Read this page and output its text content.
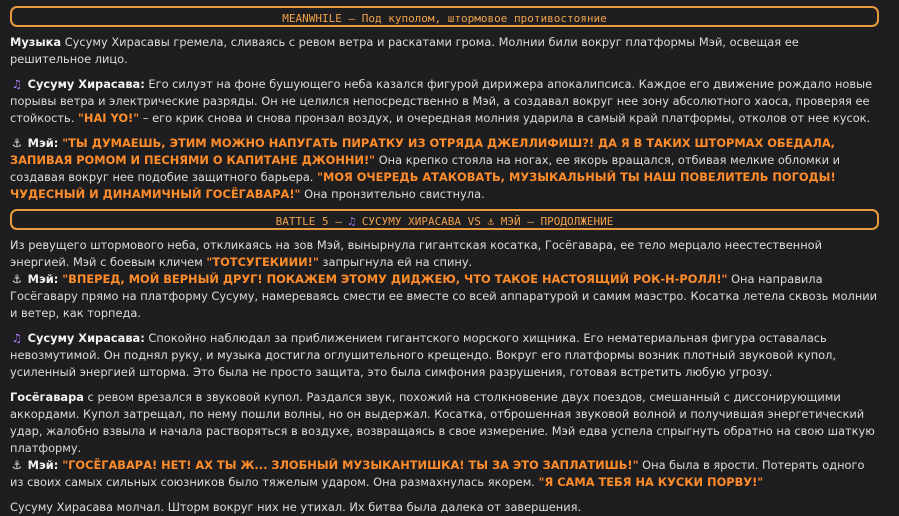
MEANWHILE – Под куполом, штормовое противостояние

Музыка Сусуму Хирасавы гремела, сливаясь с ревом ветра и раскатами грома. Молнии били вокруг платформы Мэй, освещая ее решительное лицо.

♫ Сусуму Хирасава: Его силуэт на фоне бушующего неба казался фигурой дирижера апокалипсиса. Каждое его движение рождало новые порывы ветра и электрические разряды. Он не целился непосредственно в Мэй, а создавал вокруг нее зону абсолютного хаоса, проверяя ее стойкость. "HAI YO!" – его крик снова и снова пронзал воздух, и очередная молния ударила в самый край платформы, отколов от нее кусок.

⚓ Мэй: "ТЫ ДУМАЕШЬ, ЭТИМ МОЖНО НАПУГАТЬ ПИРАТКУ ИЗ ОТРЯДА ДЖЕЛЛИФИШ?! ДА Я В ТАКИХ ШТОРМАХ ОБЕДАЛА, ЗАПИВАЯ РОМОМ И ПЕСНЯМИ О КАПИТАНЕ ДЖОННИ!" Она крепко стояла на ногах, ее якорь вращался, отбивая мелкие обломки и создавая вокруг нее подобие защитного барьера. "МОЯ ОЧЕРЕДЬ АТАКОВАТЬ, МУЗЫКАЛЬНЫЙ ТЫ НАШ ПОВЕЛИТЕЛЬ ПОГОДЫ! ЧУДЕСНЫЙ И ДИНАМИЧНЫЙ ГОСЁГАВАРА!" Она пронзительно свистнула.

BATTLE 5 – ♫ СУСУМУ ХИРАСАВА VS ⚓ МЭЙ – ПРОДОЛЖЕНИЕ

Из ревущего штормового неба, откликаясь на зов Мэй, вынырнула гигантская косатка, Госёгавара, ее тело мерцало неестественной энергией. Мэй с боевым кличем "ТОТСУГЕКИИИ!" запрыгнула ей на спину.

⚓ Мэй: "ВПЕРЕД, МОЙ ВЕРНЫЙ ДРУГ! ПОКАЖЕМ ЭТОМУ ДИДЖЕЮ, ЧТО ТАКОЕ НАСТОЯЩИЙ РОК-Н-РОЛЛ!" Она направила Госёгавару прямо на платформу Сусуму, намереваясь смести ее вместе со всей аппаратурой и самим маэстро. Косатка летела сквозь молнии и ветер, как торпеда.

♫ Сусуму Хирасава: Спокойно наблюдал за приближением гигантского морского хищника. Его нематериальная фигура оставалась невозмутимой. Он поднял руку, и музыка достигла оглушительного крещендо. Вокруг его платформы возник плотный звуковой купол, усиленный энергией шторма. Это была не просто защита, это была симфония разрушения, готовая встретить любую угрозу.

Госёгавара с ревом врезался в звуковой купол. Раздался звук, похожий на столкновение двух поездов, смешанный с диссонирующими аккордами. Купол затрещал, по нему пошли волны, но он выдержал. Косатка, отброшенная звуковой волной и получившая энергетический удар, жалобно взвыла и начала растворяться в воздухе, возвращаясь в свое измерение. Мэй едва успела спрыгнуть обратно на свою шаткую платформу.

⚓ Мэй: "ГОСЁГАВАРА! НЕТ! АХ ТЫ Ж... ЗЛОБНЫЙ МУЗЫКАНТИШКА! ТЫ ЗА ЭТО ЗАПЛАТИШЬ!" Она была в ярости. Потерять одного из своих самых сильных союзников было тяжелым ударом. Она размахнулась якорем. "Я САМА ТЕБЯ НА КУСКИ ПОРВУ!"

Сусуму Хирасава молчал. Шторм вокруг них не утихал. Их битва была далека от завершения.
